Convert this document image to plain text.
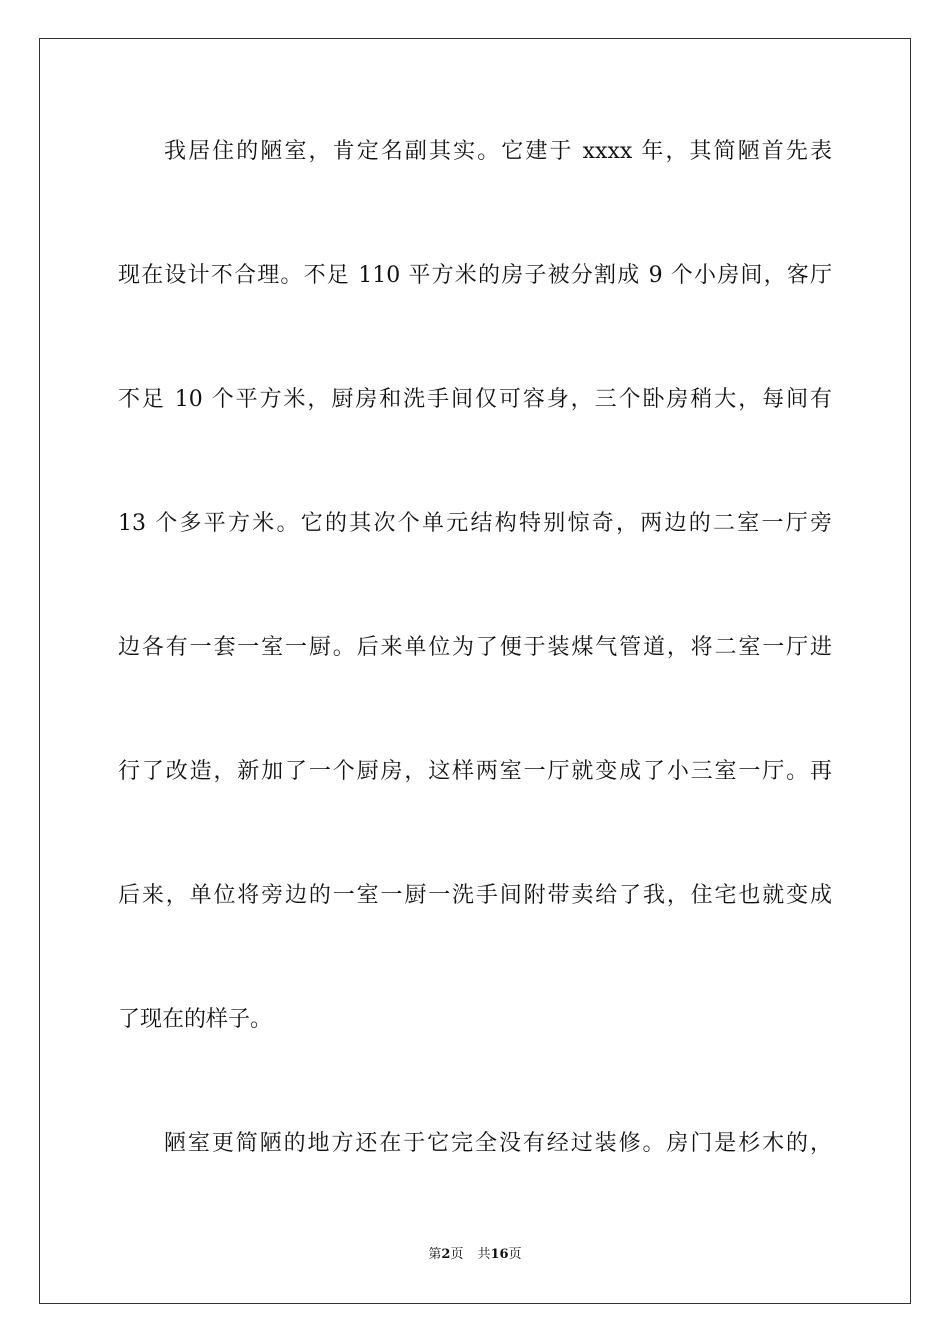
我居住的陋室，肯定名副其实。它建于 xxxx 年，其简陋首先表
现在设计不合理。不足 110 平方米的房子被分割成 9 个小房间，客厅
不足 10 个平方米，厨房和洗手间仅可容身，三个卧房稍大，每间有
13 个多平方米。它的其次个单元结构特别惊奇，两边的二室一厅旁
边各有一套一室一厨。后来单位为了便于装煤气管道，将二室一厅进
行了改造，新加了一个厨房，这样两室一厅就变成了小三室一厅。再
后来，单位将旁边的一室一厨一洗手间附带卖给了我，住宅也就变成
了现在的样子。
陋室更简陋的地方还在于它完全没有经过装修。房门是杉木的，
第2页 共16页
